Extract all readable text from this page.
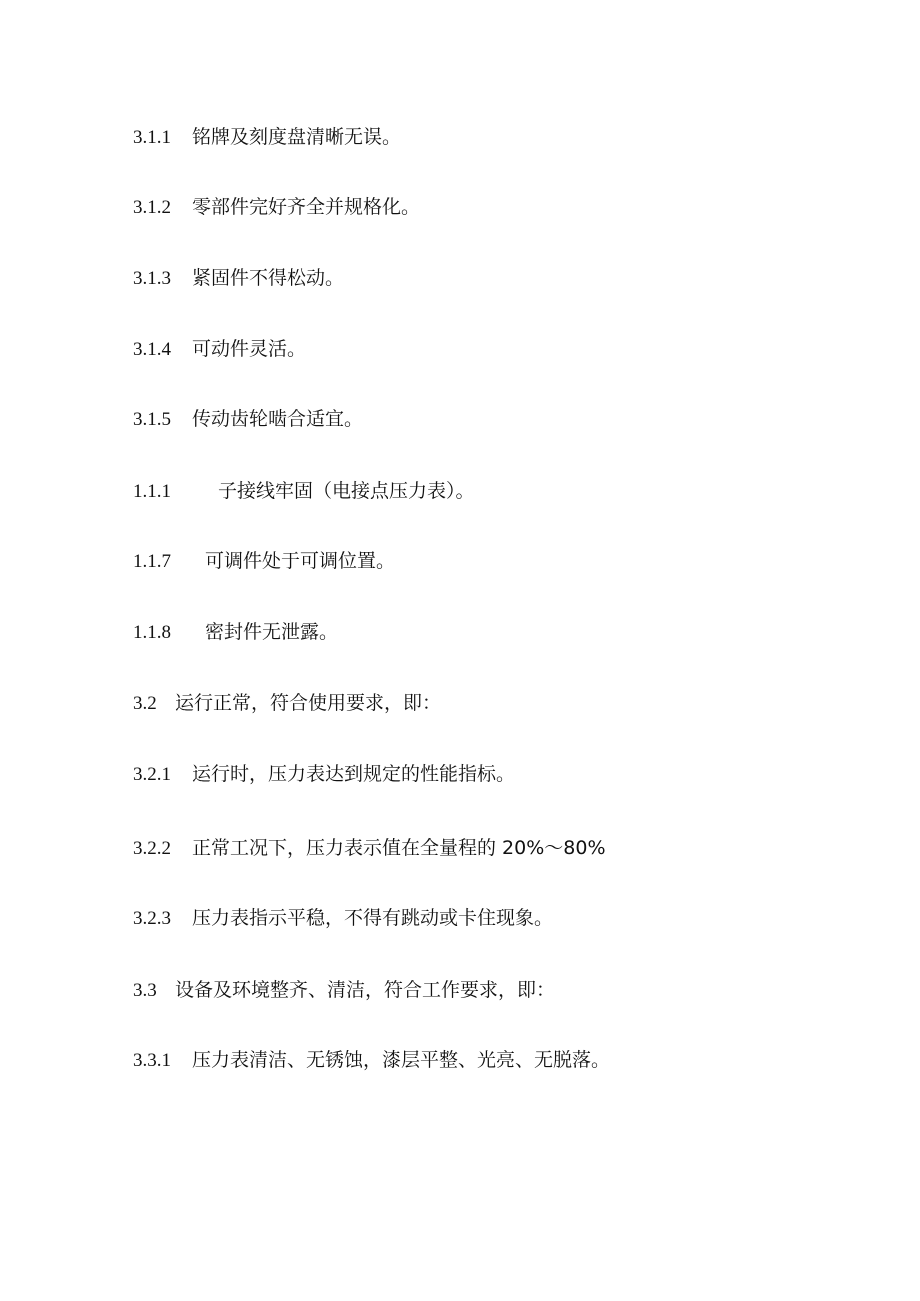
3.1.1 铭牌及刻度盘清晰无误。
3.1.2 零部件完好齐全并规格化。
3.1.3 紧固件不得松动。
3.1.4 可动件灵活。
3.1.5 传动齿轮啮合适宜。
1.1.1 子接线牢固（电接点压力表）。
1.1.7 可调件处于可调位置。
1.1.8 密封件无泄露。
3.2 运行正常，符合使用要求，即：
3.2.1 运行时，压力表达到规定的性能指标。
3.2.2 正常工况下，压力表示值在全量程的 20%～80%
3.2.3 压力表指示平稳，不得有跳动或卡住现象。
3.3 设备及环境整齐、清洁，符合工作要求，即：
3.3.1 压力表清洁、无锈蚀，漆层平整、光亮、无脱落。
